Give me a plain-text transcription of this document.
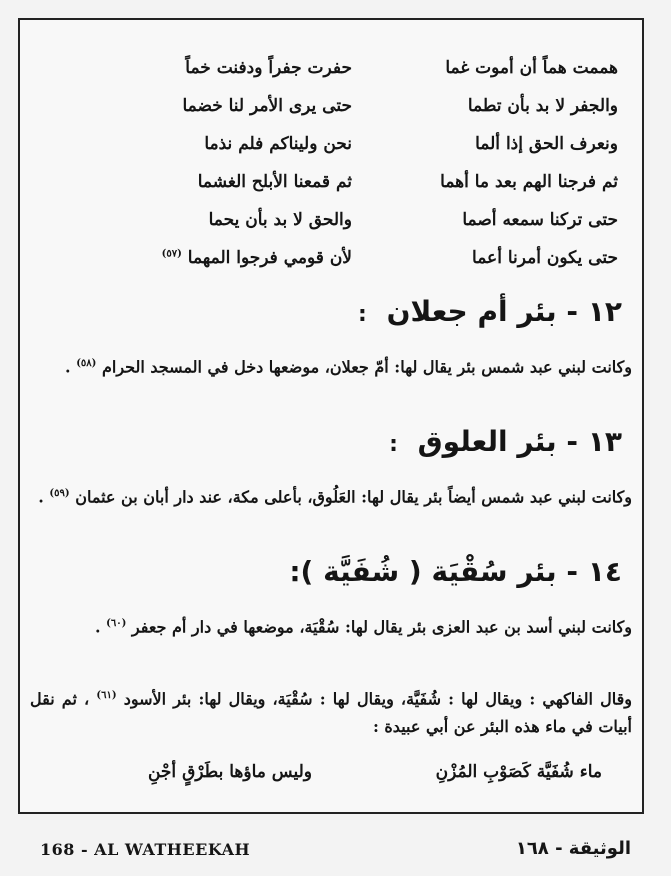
هممت هماً أن أموت غما
حفرت جفراً ودفنت خماً
والجفر لا بد بأن تطما
حتى يرى الأمر لنا خضما
ونعرف الحق إذا ألما
نحن وليناكم فلم نذما
ثم فرجنا الهم بعد ما أهما
ثم قمعنا الأبلح الغشما
حتى تركنا سمعه أصما
والحق لا بد بأن يحما
حتى يكون أمرنا أعما
لأن قومي فرجوا المهما $^{(٥٧)}$
١٢ - بئر أم جعلان :
وكانت لبني عبد شمس بئر يقال لها: أمّ جعلان، موضعها دخل في المسجد الحرام $^{(٥٨)}$ .
١٣ - بئر العلوق :
وكانت لبني عبد شمس أيضاً بئر يقال لها: العَلُوق، بأعلى مكة، عند دار أبان بن عثمان $^{(٥٩)}$ .
١٤ - بئر سُقْيَة ( شُفَيَّة ):
وكانت لبني أسد بن عبد العزى بئر يقال لها: سُقْيَة، موضعها في دار أم جعفر $^{(٦٠)}$ .
وقال الفاكهي : ويقال لها : شُفَيَّة، ويقال لها : سُقْيَة، ويقال لها: بئر الأسود $^{(٦١)}$ ، ثم نقل أبيات في ماء هذه البئر عن أبي عبيدة :
ماء شُفَيَّة كَصَوْبِ المُزْنِ
وليس ماؤها بطَرْقٍ أجْنِ
168 - AL WATHEEKAH	الوثيقة - ١٦٨
